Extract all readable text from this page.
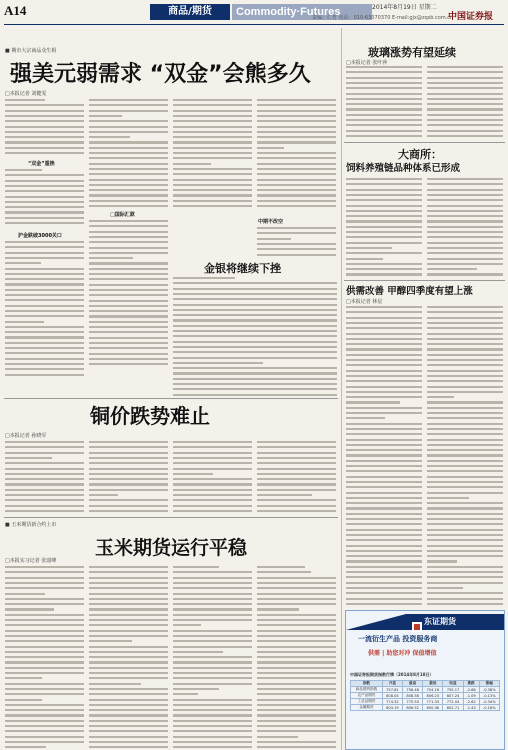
A14	商品/期货	Commodity·Futures	2014年8月19日 星期二
责编：仁哲 电话：010-63070370 E-mail:gjx@zqsb.com.cn
中国证券报
■ 期市大宗商品众生相
强美元弱需求 “双金”会熊多久
□本报记者 刘健雯
“双金”重挫
沪金跌破3000关口
□国际汇款
中期不改空
金银将继续下挫
铜价跌势难止
□本报记者 孙晓军
■ 玉米期货新合约上市
玉米期货运行平稳
□本报实习记者 张韶峰
玻璃涨势有望延续
□本报记者 张叶萍
大商所：
饲料养殖链品种体系已形成
供需改善 甲醇四季度有望上涨
□本报记者 林星
东证期货
一流衍生产品 投资服务商
供需 | 助您对冲 保值增值
中国证券报期货指数行情（2014年8月18日）
指数	开盘	最高	最低	收盘	涨跌	涨幅
商品期货指数	757.81	758.48	754.16	755.17	-2.88	-0.38%
农产品期货	808.04	808.58	806.23	807.24	-1.09	-0.13%
工业品期货	774.32	775.53	771.33	772.04	-2.62	-0.34%
金属期货	803.19	806.52	800.38	802.71	-1.43	-0.18%
